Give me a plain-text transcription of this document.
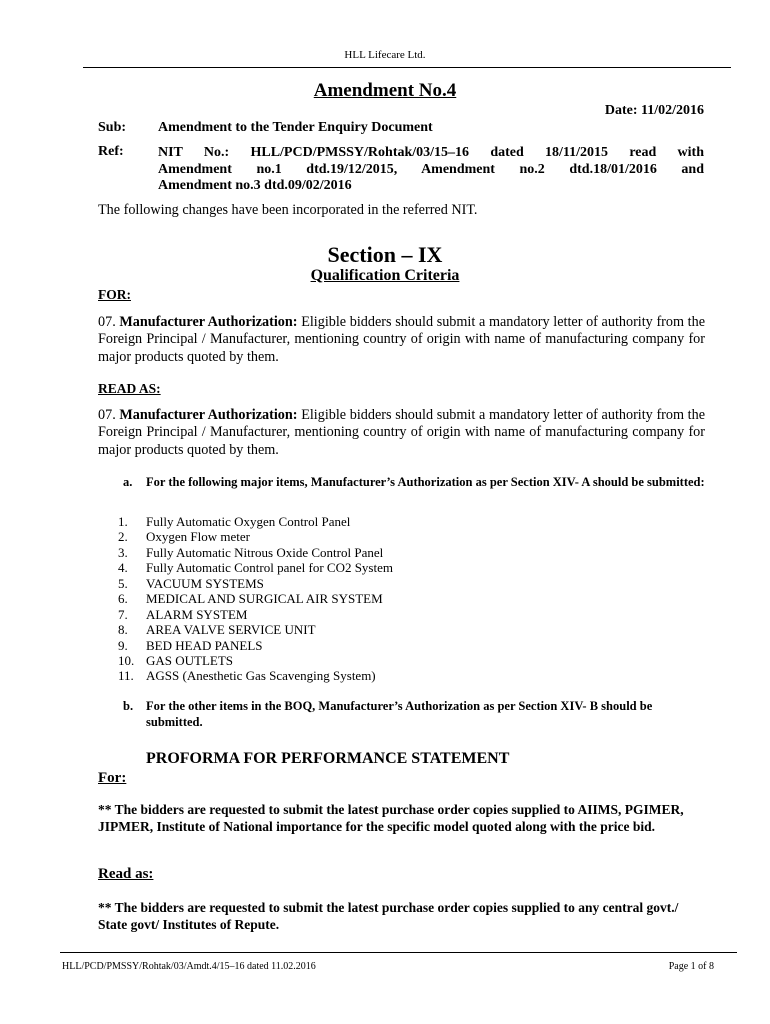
HLL Lifecare Ltd.
Amendment No.4
Date: 11/02/2016
Sub: Amendment to the Tender Enquiry Document
Ref: NIT No.: HLL/PCD/PMSSY/Rohtak/03/15–16 dated 18/11/2015 read with
Amendment no.1 dtd.19/12/2015, Amendment no.2 dtd.18/01/2016 and
Amendment no.3 dtd.09/02/2016
The following changes have been incorporated in the referred NIT.
Section – IX
Qualification Criteria
FOR:
07. Manufacturer Authorization: Eligible bidders should submit a mandatory letter of authority from the Foreign Principal / Manufacturer, mentioning country of origin with name of manufacturing company for major products quoted by them.
READ AS:
07. Manufacturer Authorization: Eligible bidders should submit a mandatory letter of authority from the Foreign Principal / Manufacturer, mentioning country of origin with name of manufacturing company for major products quoted by them.
a. For the following major items, Manufacturer’s Authorization as per Section XIV- A should be submitted:
1. Fully Automatic Oxygen Control Panel
2. Oxygen Flow meter
3. Fully Automatic Nitrous Oxide Control Panel
4. Fully Automatic Control panel for CO2 System
5. VACUUM SYSTEMS
6. MEDICAL AND SURGICAL AIR SYSTEM
7. ALARM SYSTEM
8. AREA VALVE SERVICE UNIT
9. BED HEAD PANELS
10. GAS OUTLETS
11. AGSS (Anesthetic Gas Scavenging System)
b. For the other items in the BOQ, Manufacturer’s Authorization as per Section XIV- B should be submitted.
PROFORMA FOR PERFORMANCE STATEMENT
For:
** The bidders are requested to submit the latest purchase order copies supplied to AIIMS, PGIMER, JIPMER, Institute of National importance for the specific model quoted along with the price bid.
Read as:
** The bidders are requested to submit the latest purchase order copies supplied to any central govt./ State govt/ Institutes of Repute.
HLL/PCD/PMSSY/Rohtak/03/Amdt.4/15–16 dated 11.02.2016	Page 1 of 8
